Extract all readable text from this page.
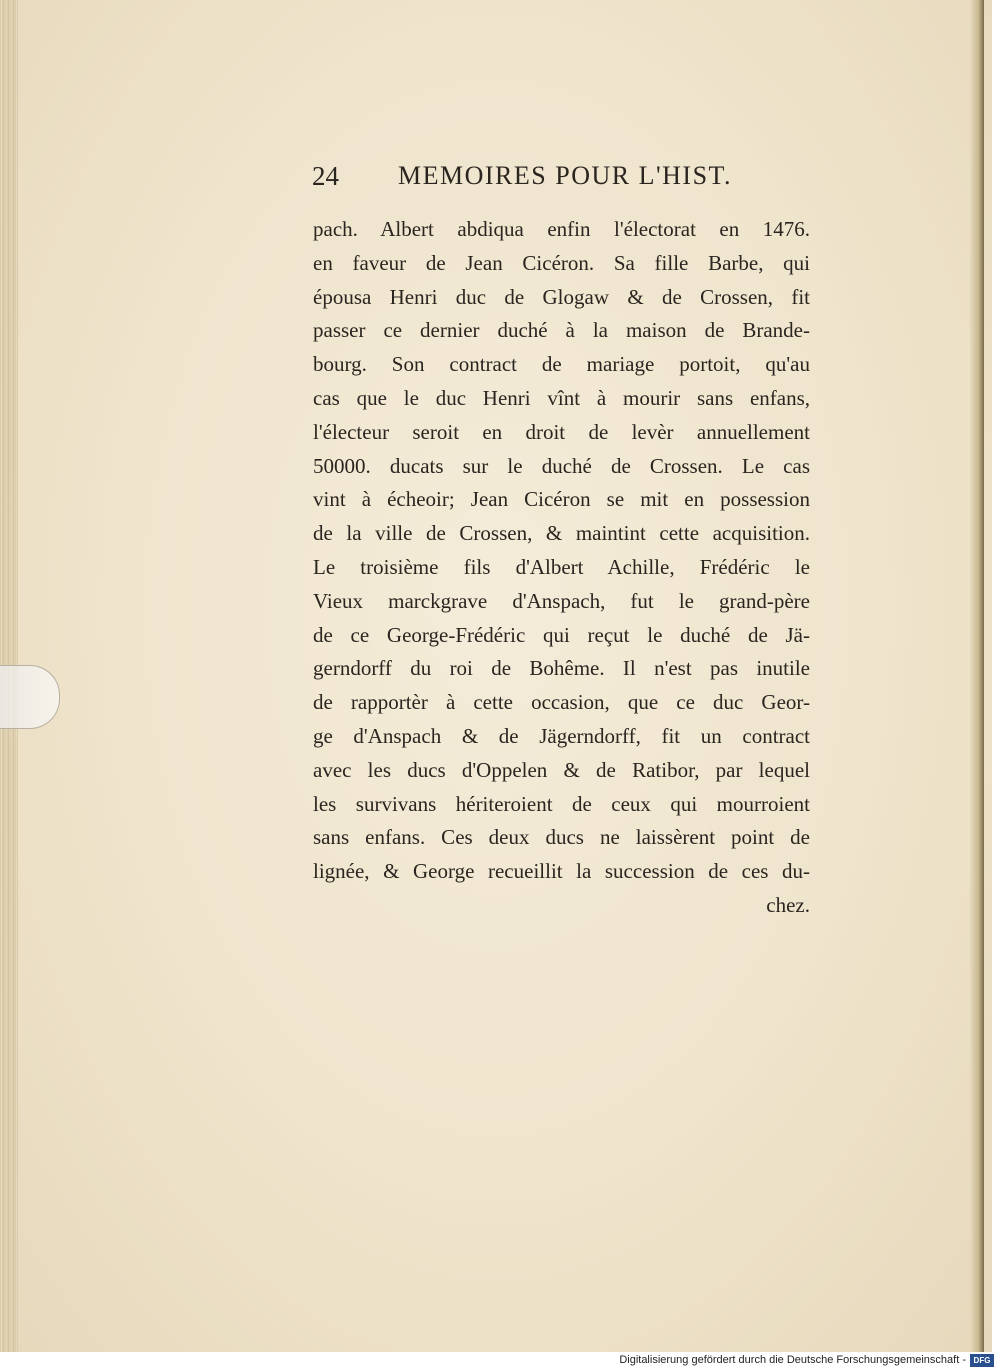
24 MEMOIRES POUR L'HIST.
pach. Albert abdiqua enfin l'électorat en 1476.
en faveur de Jean Cicéron. Sa fille Barbe, qui
épousa Henri duc de Glogaw & de Crossen, fit
passer ce dernier duché à la maison de Brande-
bourg. Son contract de mariage portoit, qu'au
cas que le duc Henri vînt à mourir sans enfans,
l'électeur seroit en droit de levèr annuellement
50000. ducats sur le duché de Crossen. Le cas
vint à écheoir; Jean Cicéron se mit en possession
de la ville de Crossen, & maintint cette acquisition.
Le troisième fils d'Albert Achille, Frédéric le
Vieux marckgrave d'Anspach, fut le grand-père
de ce George-Frédéric qui reçut le duché de Jä-
gerndorff du roi de Bohême. Il n'est pas inutile
de rapportèr à cette occasion, que ce duc Geor-
ge d'Anspach & de Jägerndorff, fit un contract
avec les ducs d'Oppelen & de Ratibor, par lequel
les survivans hériteroient de ceux qui mourroient
sans enfans. Ces deux ducs ne laissèrent point de
lignée, & George recueillit la succession de ces du-
chez.
Digitalisierung gefördert durch die Deutsche Forschungsgemeinschaft - DFG
